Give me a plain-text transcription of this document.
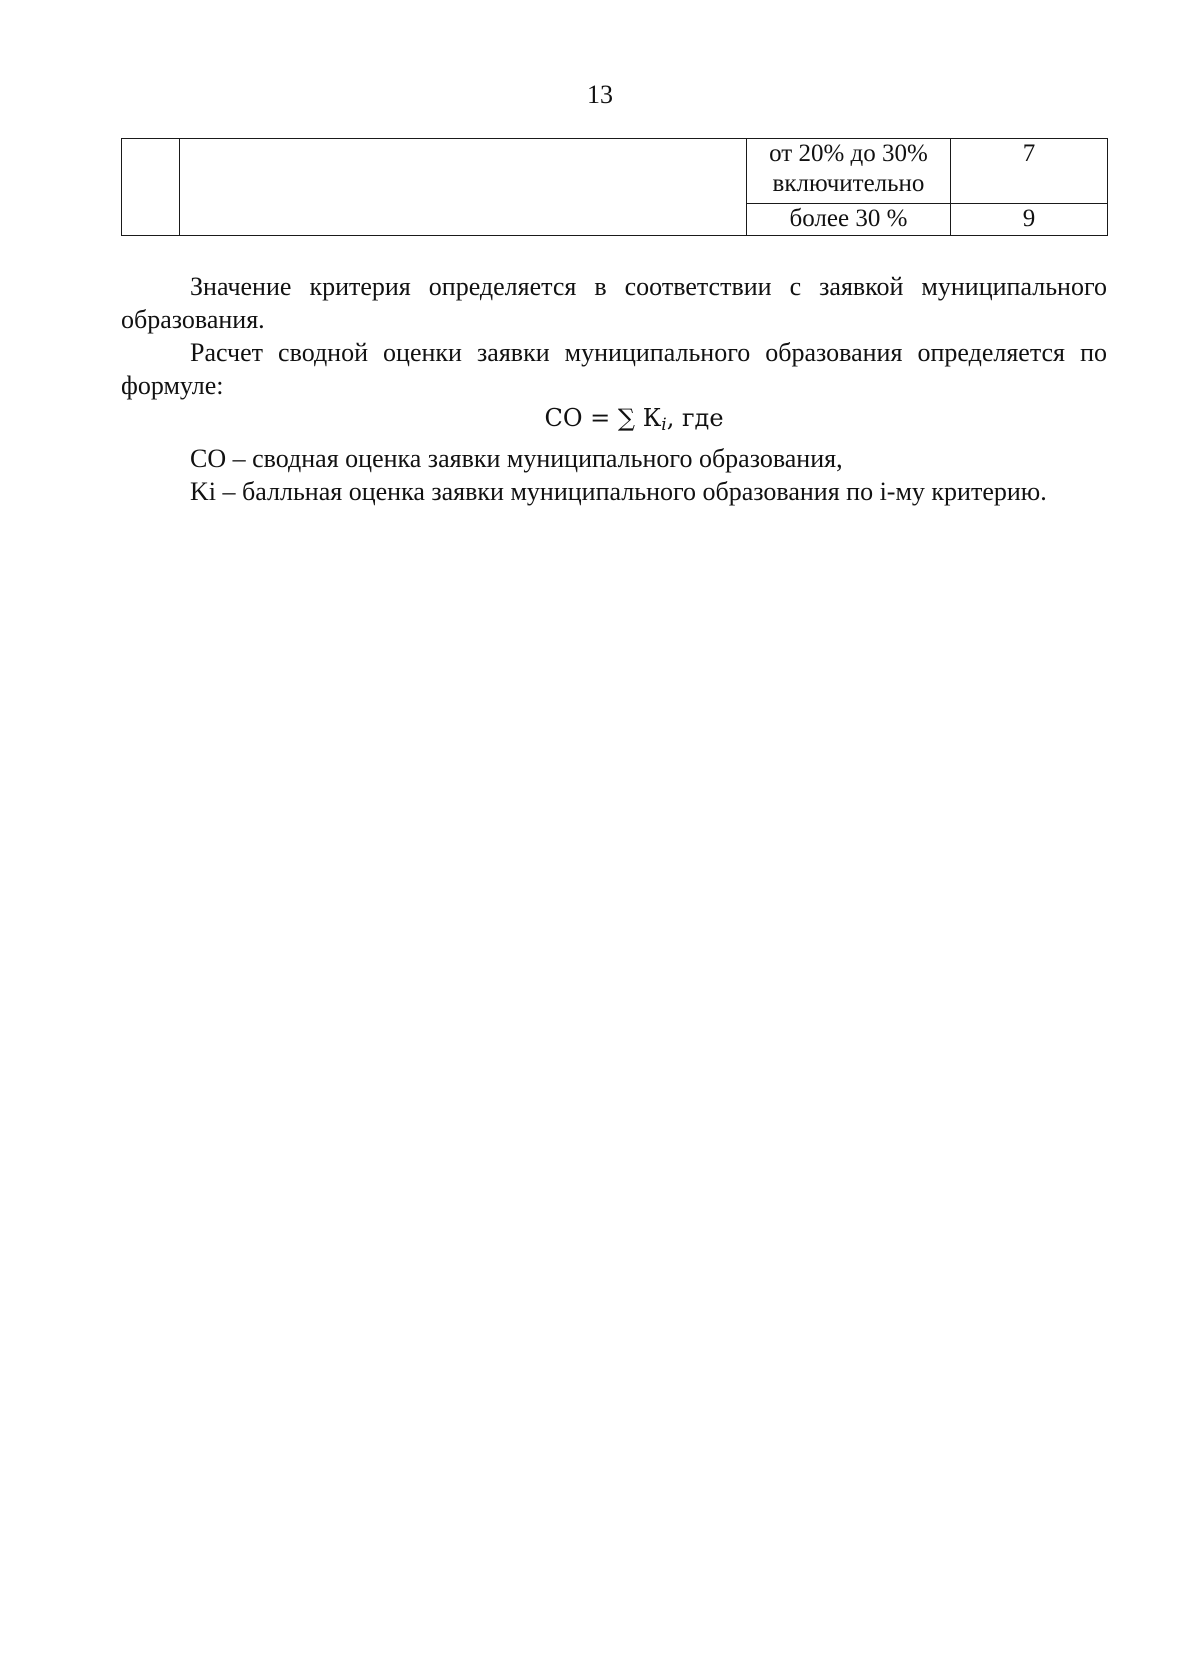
13
		от 20% до 30% включительно	7
		более 30 %	9

Значение критерия определяется в соответствии с заявкой муниципального образования.

Расчет сводной оценки заявки муниципального образования определяется по формуле:

СО = ∑ Кi, где

СО – сводная оценка заявки муниципального образования,

Ki – балльная оценка заявки муниципального образования по i-му критерию.
